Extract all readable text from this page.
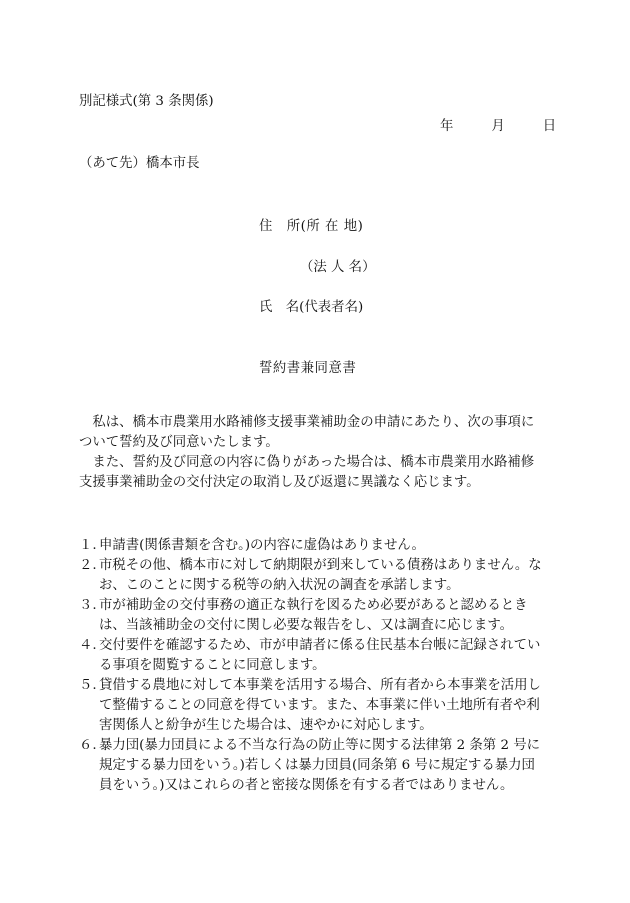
別記様式(第 3 条関係)
年	月	日
（あて先）橋本市長
住　所(所 在 地)
（法 人 名）
氏　名(代表者名)
誓約書兼同意書
私は、橋本市農業用水路補修支援事業補助金の申請にあたり、次の事項について誓約及び同意いたします。
また、誓約及び同意の内容に偽りがあった場合は、橋本市農業用水路補修支援事業補助金の交付決定の取消し及び返還に異議なく応じます。
１. 申請書(関係書類を含む。)の内容に虚偽はありません。
２. 市税その他、橋本市に対して納期限が到来している債務はありません。なお、このことに関する税等の納入状況の調査を承諾します。
３. 市が補助金の交付事務の適正な執行を図るため必要があると認めるときは、当該補助金の交付に関し必要な報告をし、又は調査に応じます。
４. 交付要件を確認するため、市が申請者に係る住民基本台帳に記録されている事項を閲覧することに同意します。
５. 貸借する農地に対して本事業を活用する場合、所有者から本事業を活用して整備することの同意を得ています。また、本事業に伴い土地所有者や利害関係人と紛争が生じた場合は、速やかに対応します。
６. 暴力団(暴力団員による不当な行為の防止等に関する法律第 2 条第 2 号に規定する暴力団をいう。)若しくは暴力団員(同条第 6 号に規定する暴力団員をいう。)又はこれらの者と密接な関係を有する者ではありません。
